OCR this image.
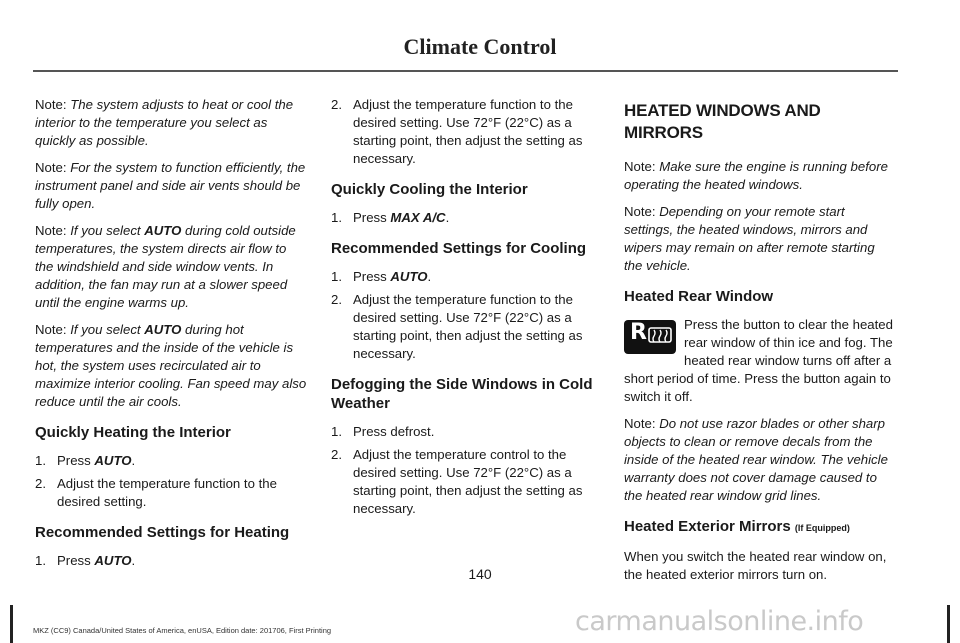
Climate Control

Note: The system adjusts to heat or cool the interior to the temperature you select as quickly as possible.

Note: For the system to function efficiently, the instrument panel and side air vents should be fully open.

Note: If you select AUTO during cold outside temperatures, the system directs air flow to the windshield and side window vents. In addition, the fan may run at a slower speed until the engine warms up.

Note: If you select AUTO during hot temperatures and the inside of the vehicle is hot, the system uses recirculated air to maximize interior cooling. Fan speed may also reduce until the air cools.

Quickly Heating the Interior
1. Press AUTO.
2. Adjust the temperature function to the desired setting.
Recommended Settings for Heating
1. Press AUTO.
2. Adjust the temperature function to the desired setting. Use 72°F (22°C) as a starting point, then adjust the setting as necessary.
Quickly Cooling the Interior
1. Press MAX A/C.
Recommended Settings for Cooling
1. Press AUTO.
2. Adjust the temperature function to the desired setting. Use 72°F (22°C) as a starting point, then adjust the setting as necessary.
Defogging the Side Windows in Cold Weather
1. Press defrost.
2. Adjust the temperature control to the desired setting. Use 72°F (22°C) as a starting point, then adjust the setting as necessary.
HEATED WINDOWS AND MIRRORS

Note: Make sure the engine is running before operating the heated windows.

Note: Depending on your remote start settings, the heated windows, mirrors and wipers may remain on after remote starting the vehicle.

Heated Rear Window
R	Press the button to clear the heated rear window of thin ice and fog. The heated rear window turns off after a short period of time. Press the button again to switch it off.

Note: Do not use razor blades or other sharp objects to clean or remove decals from the inside of the heated rear window. The vehicle warranty does not cover damage caused to the heated rear window grid lines.

Heated Exterior Mirrors (If Equipped)

When you switch the heated rear window on, the heated exterior mirrors turn on.

140
carmanualsonline.info
MKZ (CC9) Canada/United States of America, enUSA, Edition date: 201706, First Printing
